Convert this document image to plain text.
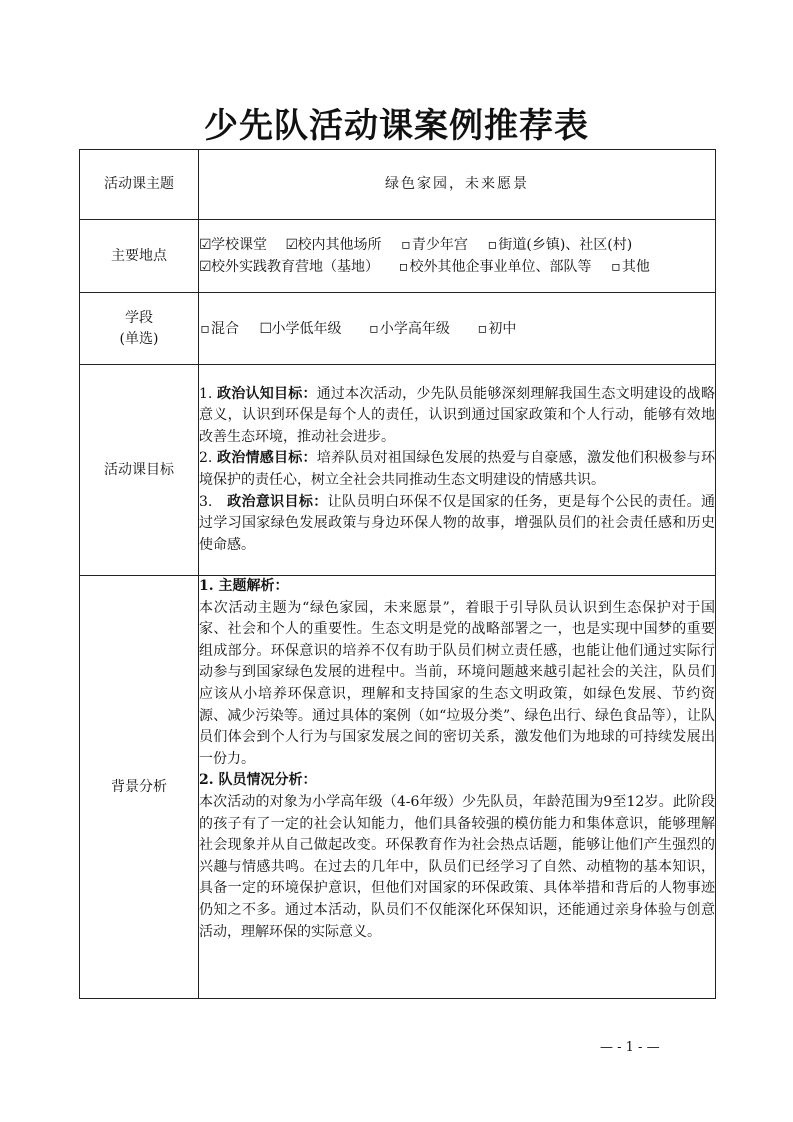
少先队活动课案例推荐表
活动课主题	绿色家园，未来愿景
主要地点	☑学校课堂 ☑校内其他场所 ▫青少年宫 ▫街道(乡镇)、社区(村)
☑校外实践教育营地（基地） ▫校外其他企事业单位、部队等 ▫其他

学段
(单选)	▫混合 ☐小学低年级 ▫小学高年级 ▫初中

活动课目标	1. 政治认知目标：通过本次活动，少先队员能够深刻理解我国生态文明建设的战略意义，认识到环保是每个人的责任，认识到通过国家政策和个人行动，能够有效地改善生态环境，推动社会进步。

2. 政治情感目标：培养队员对祖国绿色发展的热爱与自豪感，激发他们积极参与环境保护的责任心，树立全社会共同推动生态文明建设的情感共识。

3.　政治意识目标：让队员明白环保不仅是国家的任务，更是每个公民的责任。通过学习国家绿色发展政策与身边环保人物的故事，增强队员们的社会责任感和历史使命感。

背景分析	1. 主题解析：

本次活动主题为“绿色家园，未来愿景”，着眼于引导队员认识到生态保护对于国家、社会和个人的重要性。生态文明是党的战略部署之一，也是实现中国梦的重要组成部分。环保意识的培养不仅有助于队员们树立责任感，也能让他们通过实际行动参与到国家绿色发展的进程中。当前，环境问题越来越引起社会的关注，队员们应该从小培养环保意识，理解和支持国家的生态文明政策，如绿色发展、节约资源、减少污染等。通过具体的案例（如“垃圾分类”、绿色出行、绿色食品等），让队员们体会到个人行为与国家发展之间的密切关系，激发他们为地球的可持续发展出一份力。

2. 队员情况分析：

本次活动的对象为小学高年级（4-6年级）少先队员，年龄范围为9至12岁。此阶段的孩子有了一定的社会认知能力，他们具备较强的模仿能力和集体意识，能够理解社会现象并从自己做起改变。环保教育作为社会热点话题，能够让他们产生强烈的兴趣与情感共鸣。在过去的几年中，队员们已经学习了自然、动植物的基本知识，具备一定的环境保护意识，但他们对国家的环保政策、具体举措和背后的人物事迹仍知之不多。通过本活动，队员们不仅能深化环保知识，还能通过亲身体验与创意活动，理解环保的实际意义。

— - 1 - —
